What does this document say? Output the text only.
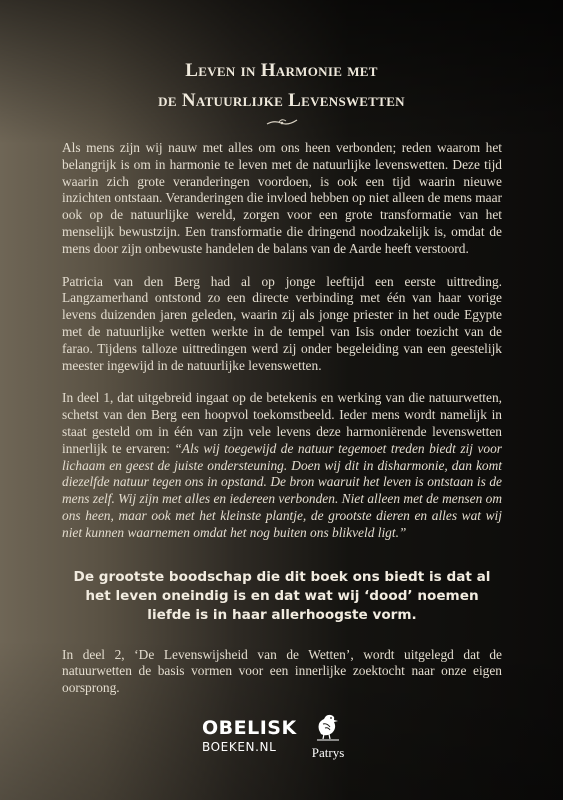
Leven in Harmonie met
de Natuurlijke Levenswetten

Als mens zijn wij nauw met alles om ons heen verbonden; reden waarom het belangrijk is om in harmonie te leven met de natuurlijke levenswetten. Deze tijd waarin zich grote veranderingen voordoen, is ook een tijd waarin nieuwe inzichten ontstaan. Veranderingen die invloed hebben op niet alleen de mens maar ook op de natuurlijke wereld, zorgen voor een grote transformatie van het menselijk bewustzijn. Een transformatie die dringend noodzakelijk is, omdat de mens door zijn onbewuste handelen de balans van de Aarde heeft verstoord.

Patricia van den Berg had al op jonge leeftijd een eerste uittreding. Langzamerhand ontstond zo een directe verbinding met één van haar vorige levens duizenden jaren geleden, waarin zij als jonge priester in het oude Egypte met de natuurlijke wetten werkte in de tempel van Isis onder toezicht van de farao. Tijdens talloze uittredingen werd zij onder begeleiding van een geestelijk meester ingewijd in de natuurlijke levenswetten.

In deel 1, dat uitgebreid ingaat op de betekenis en werking van die natuurwetten, schetst van den Berg een hoopvol toekomstbeeld. Ieder mens wordt namelijk in staat gesteld om in één van zijn vele levens deze harmoniërende levenswetten innerlijk te ervaren: “Als wij toegewijd de natuur tegemoet treden biedt zij voor lichaam en geest de juiste ondersteuning. Doen wij dit in disharmonie, dan komt diezelfde natuur tegen ons in opstand. De bron waaruit het leven is ontstaan is de mens zelf. Wij zijn met alles en iedereen verbonden. Niet alleen met de mensen om ons heen, maar ook met het kleinste plantje, de grootste dieren en alles wat wij niet kunnen waarnemen omdat het nog buiten ons blikveld ligt.”

De grootste boodschap die dit boek ons biedt is dat al het leven oneindig is en dat wat wij ‘dood’ noemen liefde is in haar allerhoogste vorm.

In deel 2, ‘De Levenswijsheid van de Wetten’, wordt uitgelegd dat de natuurwetten de basis vormen voor een innerlijke zoektocht naar onze eigen oorsprong.

OBELISK
BOEKEN.NL	Patrys
